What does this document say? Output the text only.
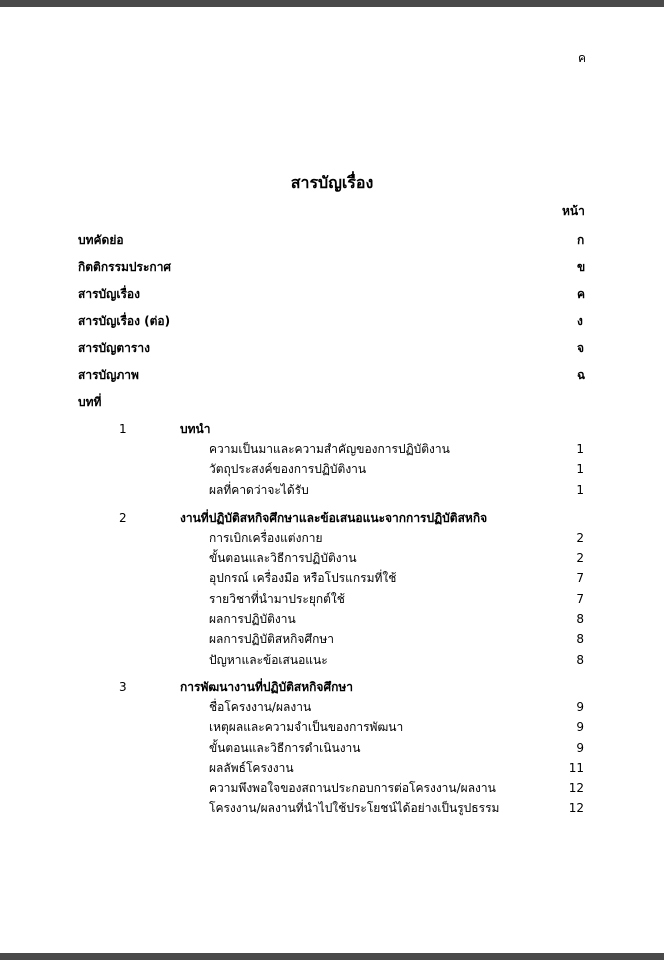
ค
สารบัญเรื่อง
หน้า
บทคัดย่อ	ก
กิตติกรรมประกาศ	ข
สารบัญเรื่อง	ค
สารบัญเรื่อง (ต่อ)	ง
สารบัญตาราง	จ
สารบัญภาพ	ฉ
บทที่
1	บทนำ
ความเป็นมาและความสำคัญของการปฏิบัติงาน	1
วัตถุประสงค์ของการปฏิบัติงาน	1
ผลที่คาดว่าจะได้รับ	1
2	งานที่ปฏิบัติสหกิจศึกษาและข้อเสนอแนะจากการปฏิบัติสหกิจ
การเบิกเครื่องแต่งกาย	2
ขั้นตอนและวิธีการปฏิบัติงาน	2
อุปกรณ์ เครื่องมือ หรือโปรแกรมที่ใช้	7
รายวิชาที่นำมาประยุกต์ใช้	7
ผลการปฏิบัติงาน	8
ผลการปฏิบัติสหกิจศึกษา	8
ปัญหาและข้อเสนอแนะ	8
3	การพัฒนางานที่ปฏิบัติสหกิจศึกษา
ชื่อโครงงาน/ผลงาน	9
เหตุผลและความจำเป็นของการพัฒนา	9
ขั้นตอนและวิธีการดำเนินงาน	9
ผลลัพธ์โครงงาน	11
ความพึงพอใจของสถานประกอบการต่อโครงงาน/ผลงาน	12
โครงงาน/ผลงานที่นำไปใช้ประโยชน์ได้อย่างเป็นรูปธรรม	12
